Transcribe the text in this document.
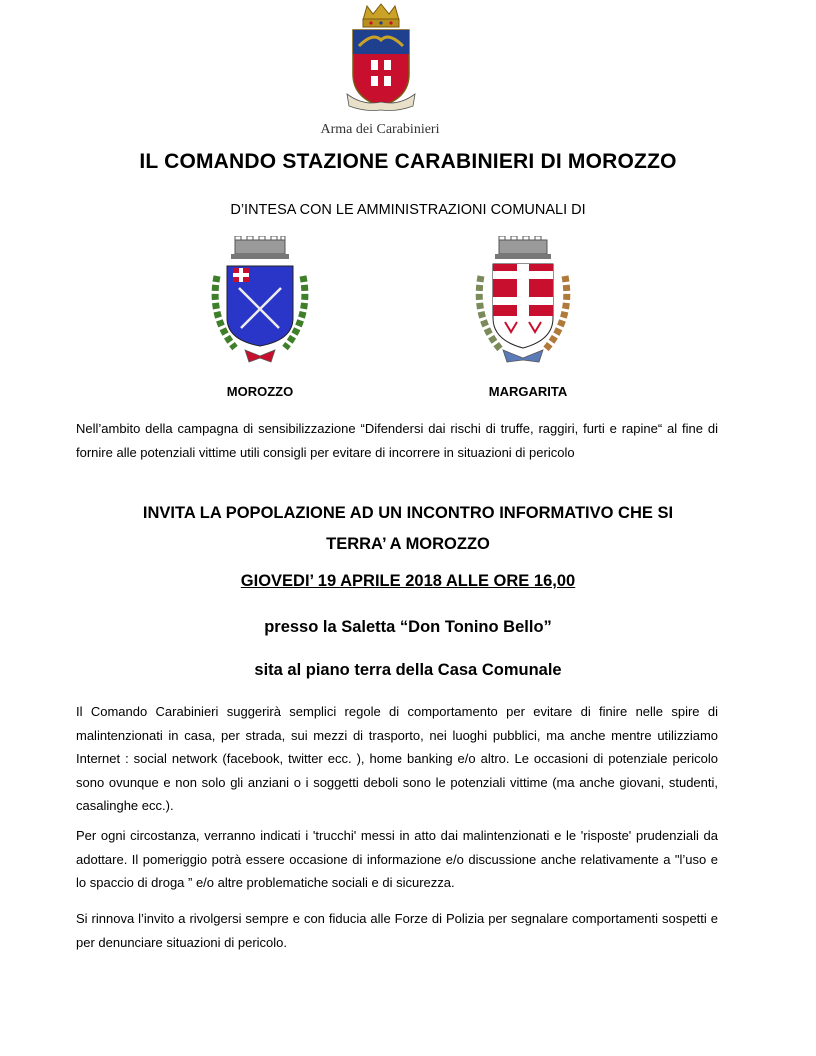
Arma dei Carabinieri
IL COMANDO STAZIONE CARABINIERI DI MOROZZO
D’INTESA CON LE AMMINISTRAZIONI COMUNALI DI
MOROZZO	MARGARITA
Nell’ambito della campagna di sensibilizzazione “Difendersi dai rischi di truffe, raggiri, furti e rapine“ al fine di fornire alle potenziali vittime utili consigli per evitare di incorrere in situazioni di pericolo
INVITA LA POPOLAZIONE AD UN INCONTRO INFORMATIVO CHE SI
TERRA’ A MOROZZO
GIOVEDI’ 19 APRILE 2018 ALLE ORE 16,00
presso la Saletta “Don Tonino Bello”
sita al piano terra della Casa Comunale
Il Comando Carabinieri suggerirà semplici regole di comportamento per evitare di finire nelle spire di malintenzionati in casa, per strada, sui mezzi di trasporto, nei luoghi pubblici, ma anche mentre utilizziamo Internet : social network (facebook, twitter ecc. ), home banking e/o altro. Le occasioni di potenziale pericolo sono ovunque e non solo gli anziani o i soggetti deboli sono le potenziali vittime (ma anche giovani, studenti, casalinghe ecc.).
Per ogni circostanza, verranno indicati i 'trucchi' messi in atto dai malintenzionati e le 'risposte' prudenziali da adottare. Il pomeriggio potrà essere occasione di informazione e/o discussione anche relativamente a "l’uso e lo spaccio di droga ” e/o altre problematiche sociali e di sicurezza.
Si rinnova l’invito a rivolgersi sempre e con fiducia alle Forze di Polizia per segnalare comportamenti sospetti e per denunciare situazioni di pericolo.
